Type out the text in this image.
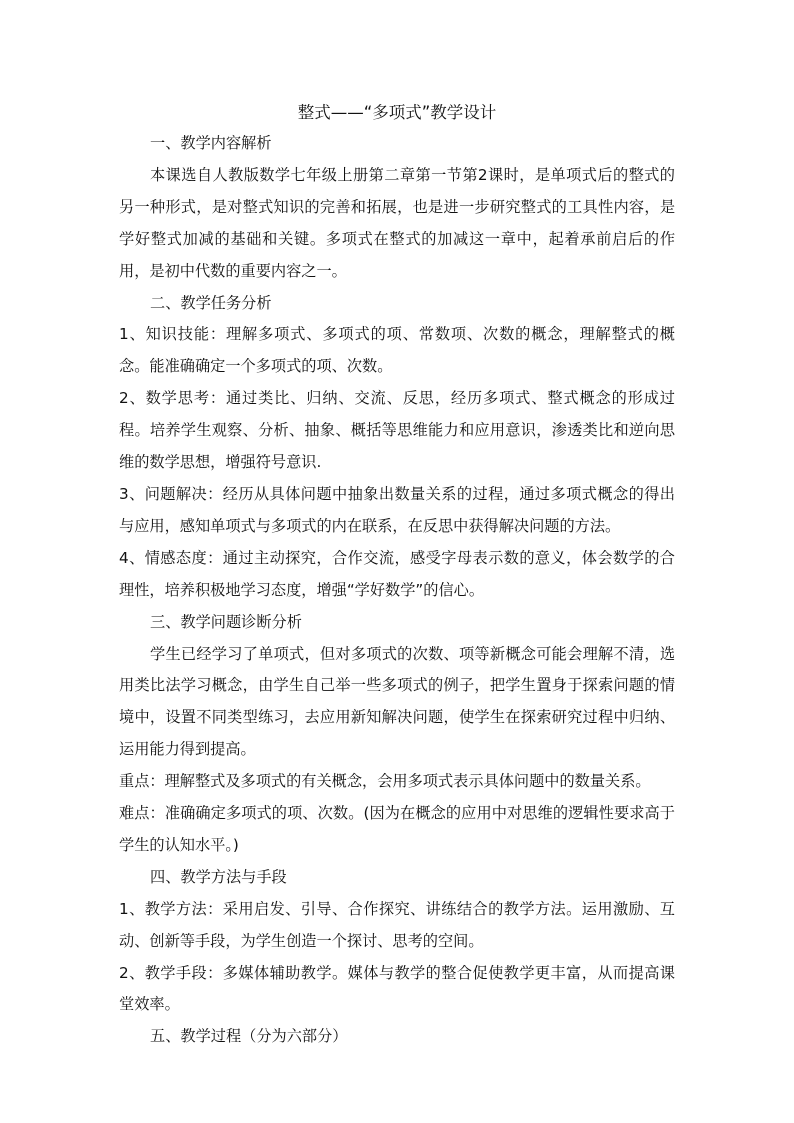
整式——“多项式”教学设计

一、教学内容解析

本课选自人教版数学七年级上册第二章第一节第2课时，是单项式后的整式的另一种形式，是对整式知识的完善和拓展，也是进一步研究整式的工具性内容，是学好整式加减的基础和关键。多项式在整式的加减这一章中，起着承前启后的作用，是初中代数的重要内容之一。

二、教学任务分析

1、知识技能：理解多项式、多项式的项、常数项、次数的概念，理解整式的概念。能准确确定一个多项式的项、次数。

2、数学思考：通过类比、归纳、交流、反思，经历多项式、整式概念的形成过程。培养学生观察、分析、抽象、概括等思维能力和应用意识，渗透类比和逆向思维的数学思想，增强符号意识.

3、问题解决：经历从具体问题中抽象出数量关系的过程，通过多项式概念的得出与应用，感知单项式与多项式的内在联系，在反思中获得解决问题的方法。

4、情感态度：通过主动探究，合作交流，感受字母表示数的意义，体会数学的合理性，培养积极地学习态度，增强“学好数学”的信心。

三、教学问题诊断分析

学生已经学习了单项式，但对多项式的次数、项等新概念可能会理解不清，选用类比法学习概念，由学生自己举一些多项式的例子，把学生置身于探索问题的情境中，设置不同类型练习，去应用新知解决问题，使学生在探索研究过程中归纳、运用能力得到提高。

重点：理解整式及多项式的有关概念，会用多项式表示具体问题中的数量关系。

难点：准确确定多项式的项、次数。(因为在概念的应用中对思维的逻辑性要求高于学生的认知水平。)

四、教学方法与手段

1、教学方法：采用启发、引导、合作探究、讲练结合的教学方法。运用激励、互动、创新等手段，为学生创造一个探讨、思考的空间。

2、教学手段：多媒体辅助教学。媒体与教学的整合促使教学更丰富，从而提高课堂效率。

五、教学过程（分为六部分）
